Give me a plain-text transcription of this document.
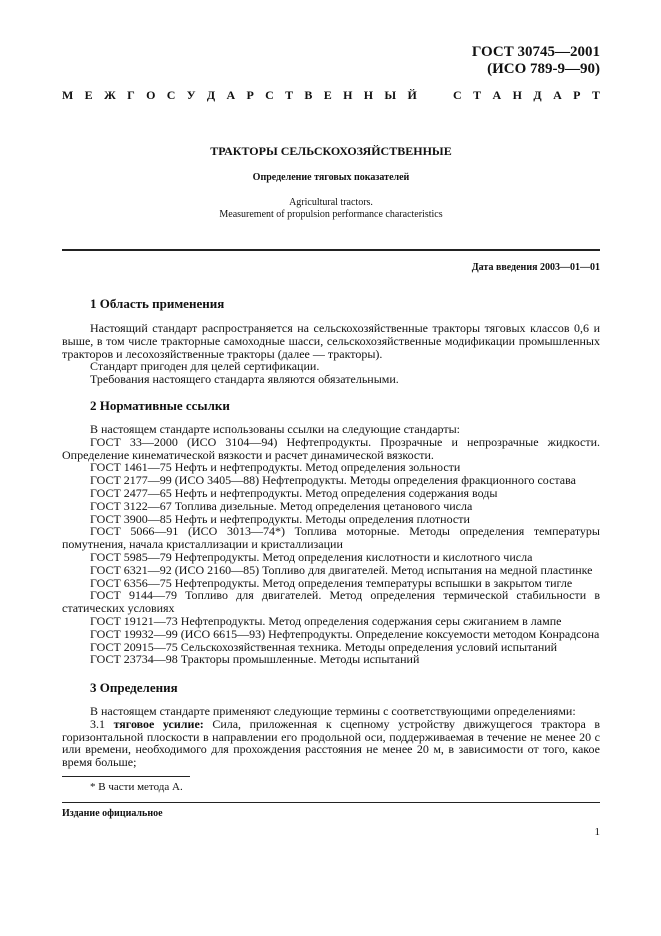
ГОСТ 30745—2001
(ИСО 789-9—90)
М Е Ж Г О С У Д А Р С Т В Е Н Н Ы Й	С Т А Н Д А Р Т
ТРАКТОРЫ СЕЛЬСКОХОЗЯЙСТВЕННЫЕ
Определение тяговых показателей
Agricultural tractors.
Measurement of propulsion performance characteristics
Дата введения 2003—01—01
1 Область применения

Настоящий стандарт распространяется на сельскохозяйственные тракторы тяговых классов 0,6 и выше, в том числе тракторные самоходные шасси, сельскохозяйственные модификации промышленных тракторов и лесохозяйственные тракторы (далее — тракторы).

Стандарт пригоден для целей сертификации.

Требования настоящего стандарта являются обязательными.

2 Нормативные ссылки

В настоящем стандарте использованы ссылки на следующие стандарты:

ГОСТ 33—2000 (ИСО 3104—94) Нефтепродукты. Прозрачные и непрозрачные жидкости. Определение кинематической вязкости и расчет динамической вязкости.

ГОСТ 1461—75 Нефть и нефтепродукты. Метод определения зольности

ГОСТ 2177—99 (ИСО 3405—88) Нефтепродукты. Методы определения фракционного состава

ГОСТ 2477—65 Нефть и нефтепродукты. Метод определения содержания воды

ГОСТ 3122—67 Топлива дизельные. Метод определения цетанового числа

ГОСТ 3900—85 Нефть и нефтепродукты. Методы определения плотности

ГОСТ 5066—91 (ИСО 3013—74*) Топлива моторные. Методы определения температуры помутнения, начала кристаллизации и кристаллизации

ГОСТ 5985—79 Нефтепродукты. Метод определения кислотности и кислотного числа

ГОСТ 6321—92 (ИСО 2160—85) Топливо для двигателей. Метод испытания на медной пластинке

ГОСТ 6356—75 Нефтепродукты. Метод определения температуры вспышки в закрытом тигле

ГОСТ 9144—79 Топливо для двигателей. Метод определения термической стабильности в статических условиях

ГОСТ 19121—73 Нефтепродукты. Метод определения содержания серы сжиганием в лампе

ГОСТ 19932—99 (ИСО 6615—93) Нефтепродукты. Определение коксуемости методом Конрадсона

ГОСТ 20915—75 Сельскохозяйственная техника. Методы определения условий испытаний

ГОСТ 23734—98 Тракторы промышленные. Методы испытаний

3 Определения

В настоящем стандарте применяют следующие термины с соответствующими определениями:

3.1 тяговое усилие: Сила, приложенная к сцепному устройству движущегося трактора в горизонтальной плоскости в направлении его продольной оси, поддерживаемая в течение не менее 20 с или времени, необходимого для прохождения расстояния не менее 20 м, в зависимости от того, какое время больше;

* В части метода А.
Издание официальное
1
